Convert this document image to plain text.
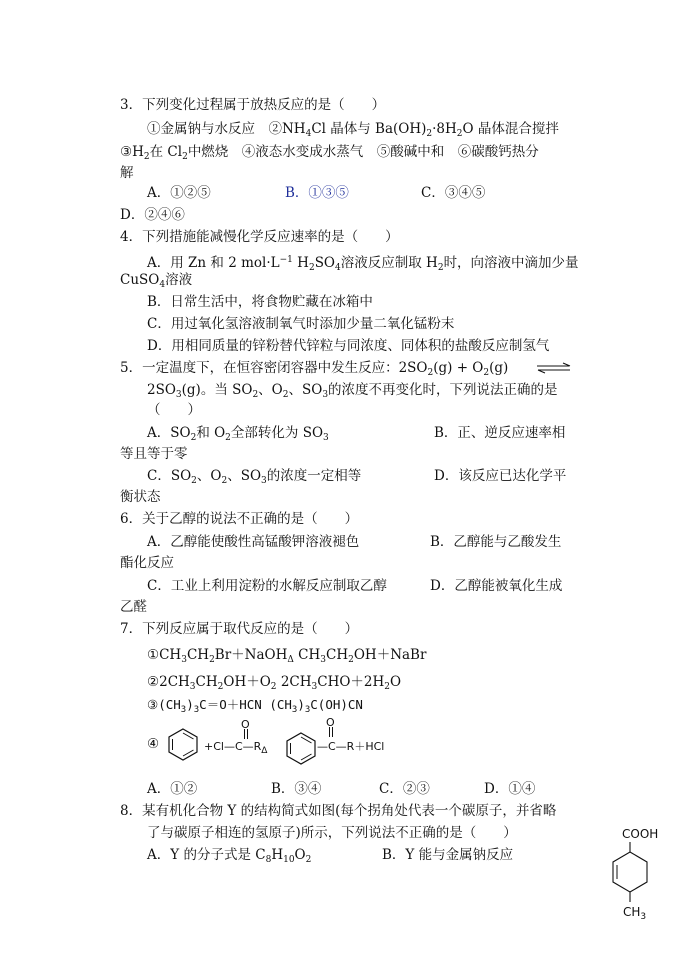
3．下列变化过程属于放热反应的是（　　）
①金属钠与水反应　$②NH_4Cl$ 晶体与 $Ba(OH)_2\cdot 8H_2O$ 晶体混合搅拌
$③H_2$在 $Cl_2$中燃烧　④液态水变成水蒸气　⑤酸碱中和　⑥碳酸钙热分
解
A．①②⑤	B．①③⑤	C．③④⑤
D．②④⑥
4．下列措施能减慢化学反应速率的是（　　）
A．用 Zn 和 2 $mol\cdot L^{-1}$ $H_2SO_4$溶液反应制取 $H_2$时，向溶液中滴加少量
CuSO$_4$溶液
B．日常生活中，将食物贮藏在冰箱中
C．用过氧化氢溶液制氧气时添加少量二氧化锰粉末
D．用相同质量的锌粉替代锌粒与同浓度、同体积的盐酸反应制氢气
5．一定温度下，在恒容密闭容器中发生反应：$2SO_2(g) + O_2(g)$
$2SO_3(g)$。当 $SO_2$、$O_2$、$SO_3$的浓度不再变化时，下列说法正确的是
（　　）
A．$SO_2$和 $O_2$全部转化为 $SO_3$	B．正、逆反应速率相
等且等于零
C．$SO_2$、$O_2$、$SO_3$的浓度一定相等	D．该反应已达化学平
衡状态
6．关于乙醇的说法不正确的是（　　）
A．乙醇能使酸性高锰酸钾溶液褪色	B．乙醇能与乙酸发生
酯化反应
C．工业上利用淀粉的水解反应制取乙醇	D．乙醇能被氧化生成
乙醛
7．下列反应属于取代反应的是（　　）
$①CH_3CH_2Br+NaOH_\Delta$ $CH_3CH_2OH+NaBr$
$②2CH_3CH_2OH+O_2$ $2CH_3CHO+2H_2O$
$③(CH_3)_3C=O+HCN$ $(CH_3)_3C(OH)CN$
④	$+Cl—C—R_\Delta$
O	O
—C—R＋HCl
A．①②	B．③④	C．②③	D．①④
8．某有机化合物 Y 的结构简式如图(每个拐角处代表一个碳原子，并省略
了与碳原子相连的氢原子)所示，下列说法不正确的是（　　）
A．Y 的分子式是 $C_8H_{10}O_2$	B．Y 能与金属钠反应
COOH
$CH_3$
